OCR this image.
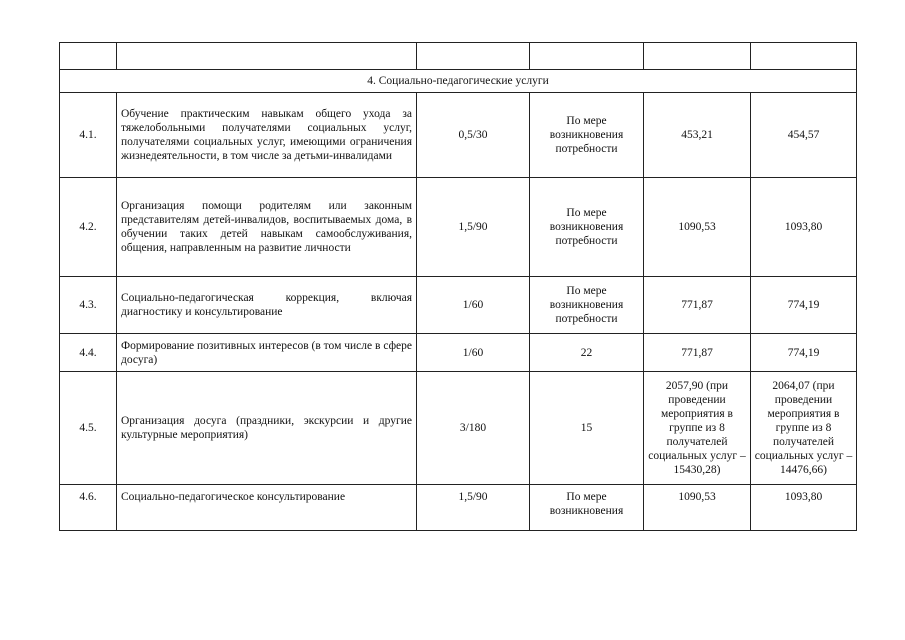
4. Социально-педагогические услуги					
4.1.	Обучение практическим навыкам общего ухода за тяжелобольными получателями социальных услуг, получателями социальных услуг, имеющими ограничения жизнедеятельности, в том числе за детьми-инвалидами	0,5/30	По мере возникновения потребности	453,21	454,57
4.2.	Организация помощи родителям или законным представителям детей-инвалидов, воспитываемых дома, в обучении таких детей навыкам самообслуживания, общения, направленным на развитие личности	1,5/90	По мере возникновения потребности	1090,53	1093,80
4.3.	Социально-педагогическая коррекция, включая диагностику и консультирование	1/60	По мере возникновения потребности	771,87	774,19
4.4.	Формирование позитивных интересов (в том числе в сфере досуга)	1/60	22	771,87	774,19
4.5.	Организация досуга (праздники, экскурсии и другие культурные мероприятия)	3/180	15	2057,90 (при проведении мероприятия в группе из 8 получателей социальных услуг – 15430,28)	2064,07 (при проведении мероприятия в группе из 8 получателей социальных услуг – 14476,66)
4.6.	Социально-педагогическое консультирование	1,5/90	По мере возникновения	1090,53	1093,80
